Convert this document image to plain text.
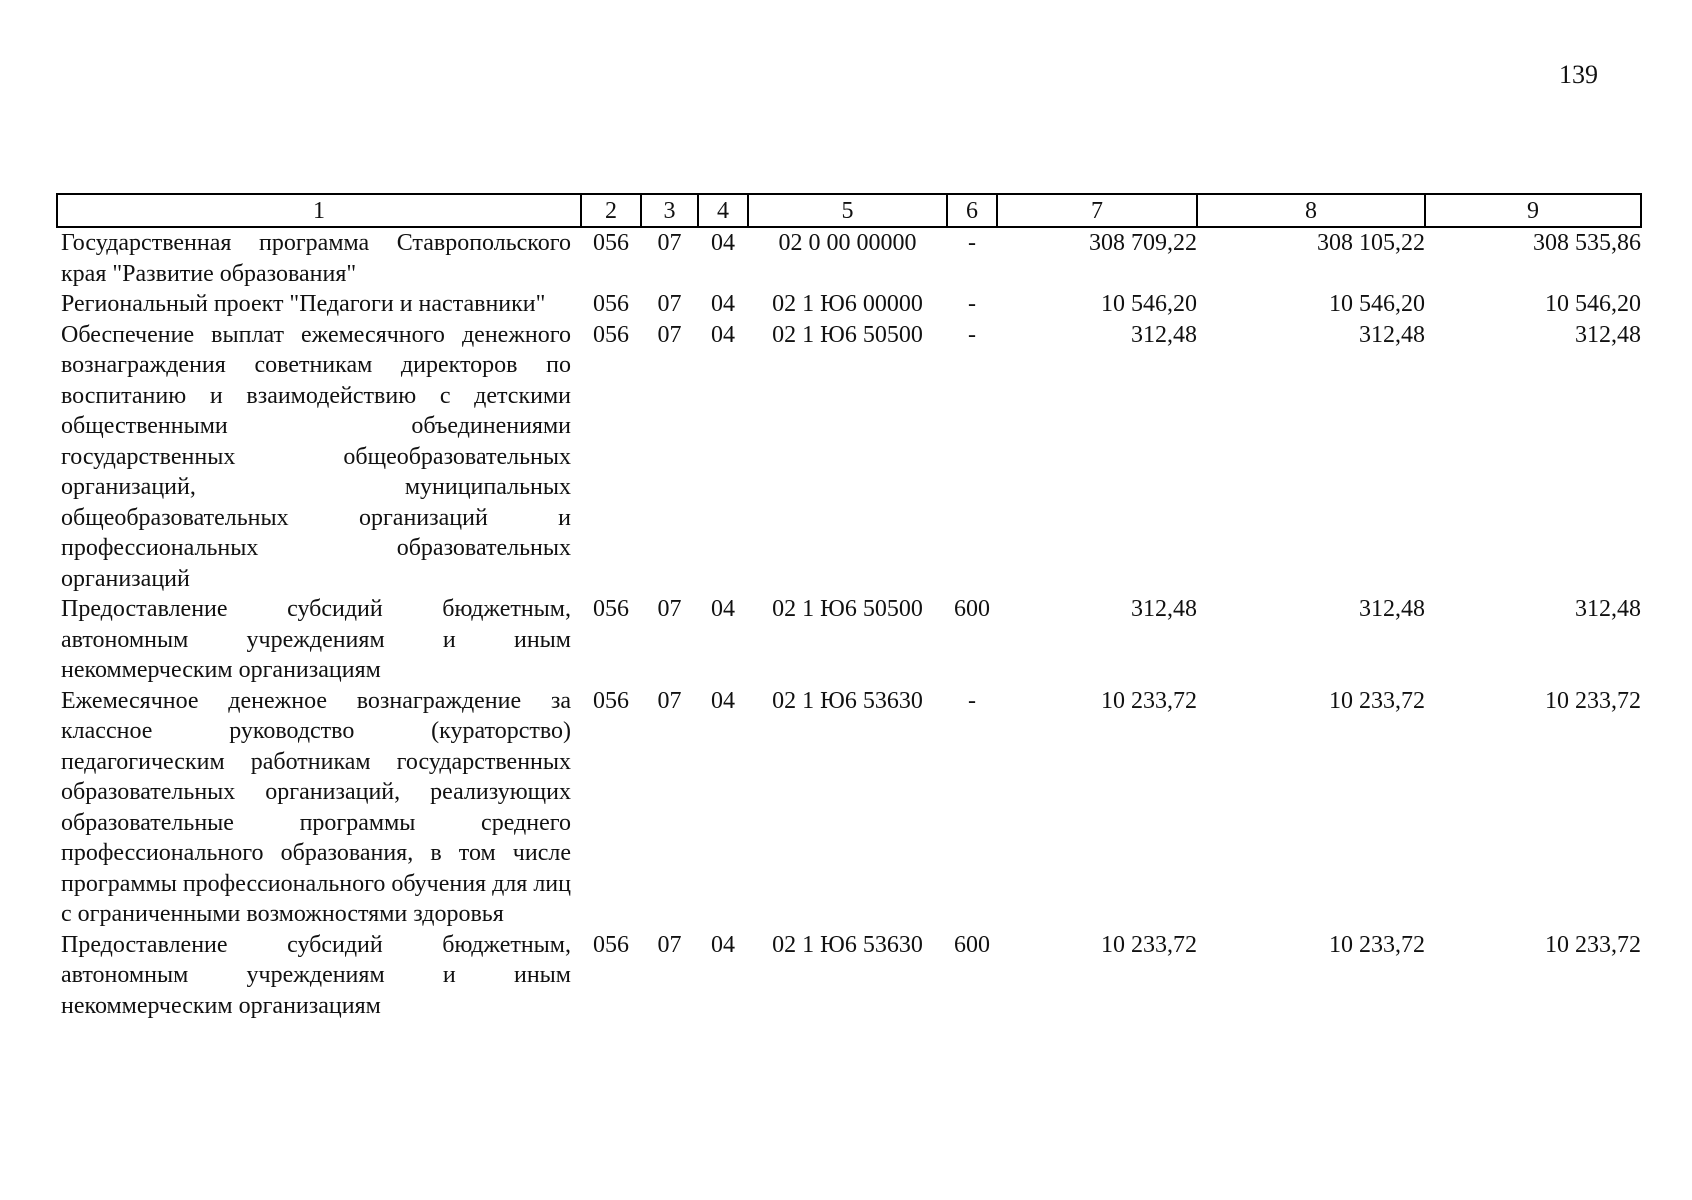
139
1	2	3	4	5	6	7	8	9
Государственная программа Ставропольского края "Развитие образования"	056	07	04	02 0 00 00000	-	308 709,22	308 105,22	308 535,86
Региональный проект "Педагоги и наставники"	056	07	04	02 1 Ю6 00000	-	10 546,20	10 546,20	10 546,20
Обеспечение выплат ежемесячного денежного вознаграждения советникам директоров по воспитанию и взаимодействию с детскими общественными объединениями государственных общеобразовательных организаций, муниципальных общеобразовательных организаций и профессиональных образовательных организаций	056	07	04	02 1 Ю6 50500	-	312,48	312,48	312,48
Предоставление субсидий бюджетным, автономным учреждениям и иным некоммерческим организациям	056	07	04	02 1 Ю6 50500	600	312,48	312,48	312,48
Ежемесячное денежное вознаграждение за классное руководство (кураторство) педагогическим работникам государственных образовательных организаций, реализующих образовательные программы среднего профессионального образования, в том числе программы профессионального обучения для лиц с ограниченными возможностями здоровья	056	07	04	02 1 Ю6 53630	-	10 233,72	10 233,72	10 233,72
Предоставление субсидий бюджетным, автономным учреждениям и иным некоммерческим организациям	056	07	04	02 1 Ю6 53630	600	10 233,72	10 233,72	10 233,72
